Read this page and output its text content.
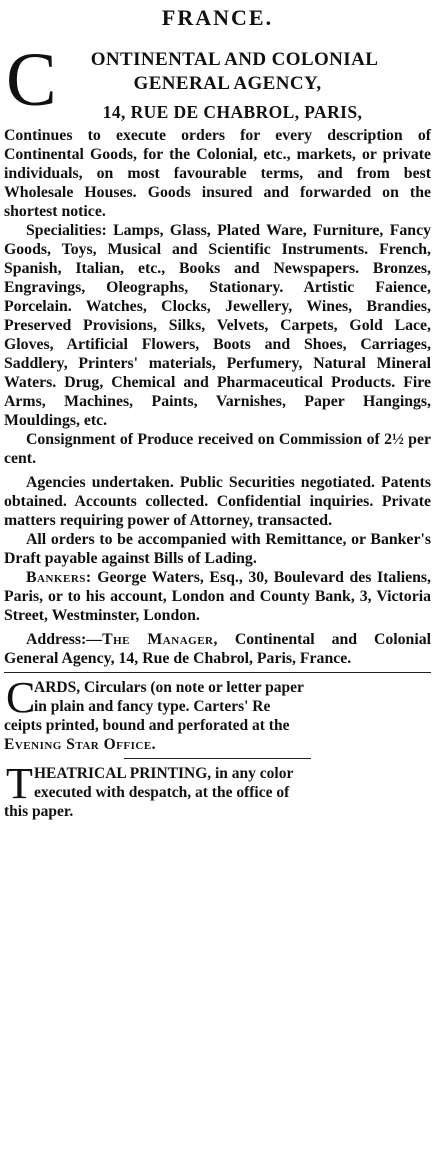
FRANCE.
C	ONTINENTAL AND COLONIAL
GENERAL AGENCY,
14, RUE DE CHABROL, PARIS,

Continues to execute orders for every description of Continental Goods, for the Colonial, etc., markets, or private individuals, on most favourable terms, and from best Wholesale Houses. Goods insured and forwarded on the shortest notice.

Specialities: Lamps, Glass, Plated Ware, Furniture, Fancy Goods, Toys, Musical and Scientific Instruments. French, Spanish, Italian, etc., Books and Newspapers. Bronzes, Engravings, Oleographs, Stationary. Artistic Faience, Porcelain. Watches, Clocks, Jewellery, Wines, Brandies, Preserved Provisions, Silks, Velvets, Carpets, Gold Lace, Gloves, Artificial Flowers, Boots and Shoes, Carriages, Saddlery, Printers' materials, Perfumery, Natural Mineral Waters. Drug, Chemical and Pharmaceutical Products. Fire Arms, Machines, Paints, Varnishes, Paper Hangings, Mouldings, etc.

Consignment of Produce received on Commission of 2½ per cent.

Agencies undertaken. Public Securities negotiated. Patents obtained. Accounts collected. Confidential inquiries. Private matters requiring power of Attorney, transacted.

All orders to be accompanied with Remittance, or Banker's Draft payable against Bills of Lading.

Bankers: George Waters, Esq., 30, Boulevard des Italiens, Paris, or to his account, London and County Bank, 3, Victoria Street, Westminster, London.

Address:—The Manager, Continental and Colonial General Agency, 14, Rue de Chabrol, Paris, France.

C
ARDS, Circulars (on note or letter paper
in plain and fancy type. Carters' Re
ceipts printed, bound and perforated at the
Evening Star Office.
T HEATRICAL PRINTING, in any color
executed with despatch, at the office of
this paper.
